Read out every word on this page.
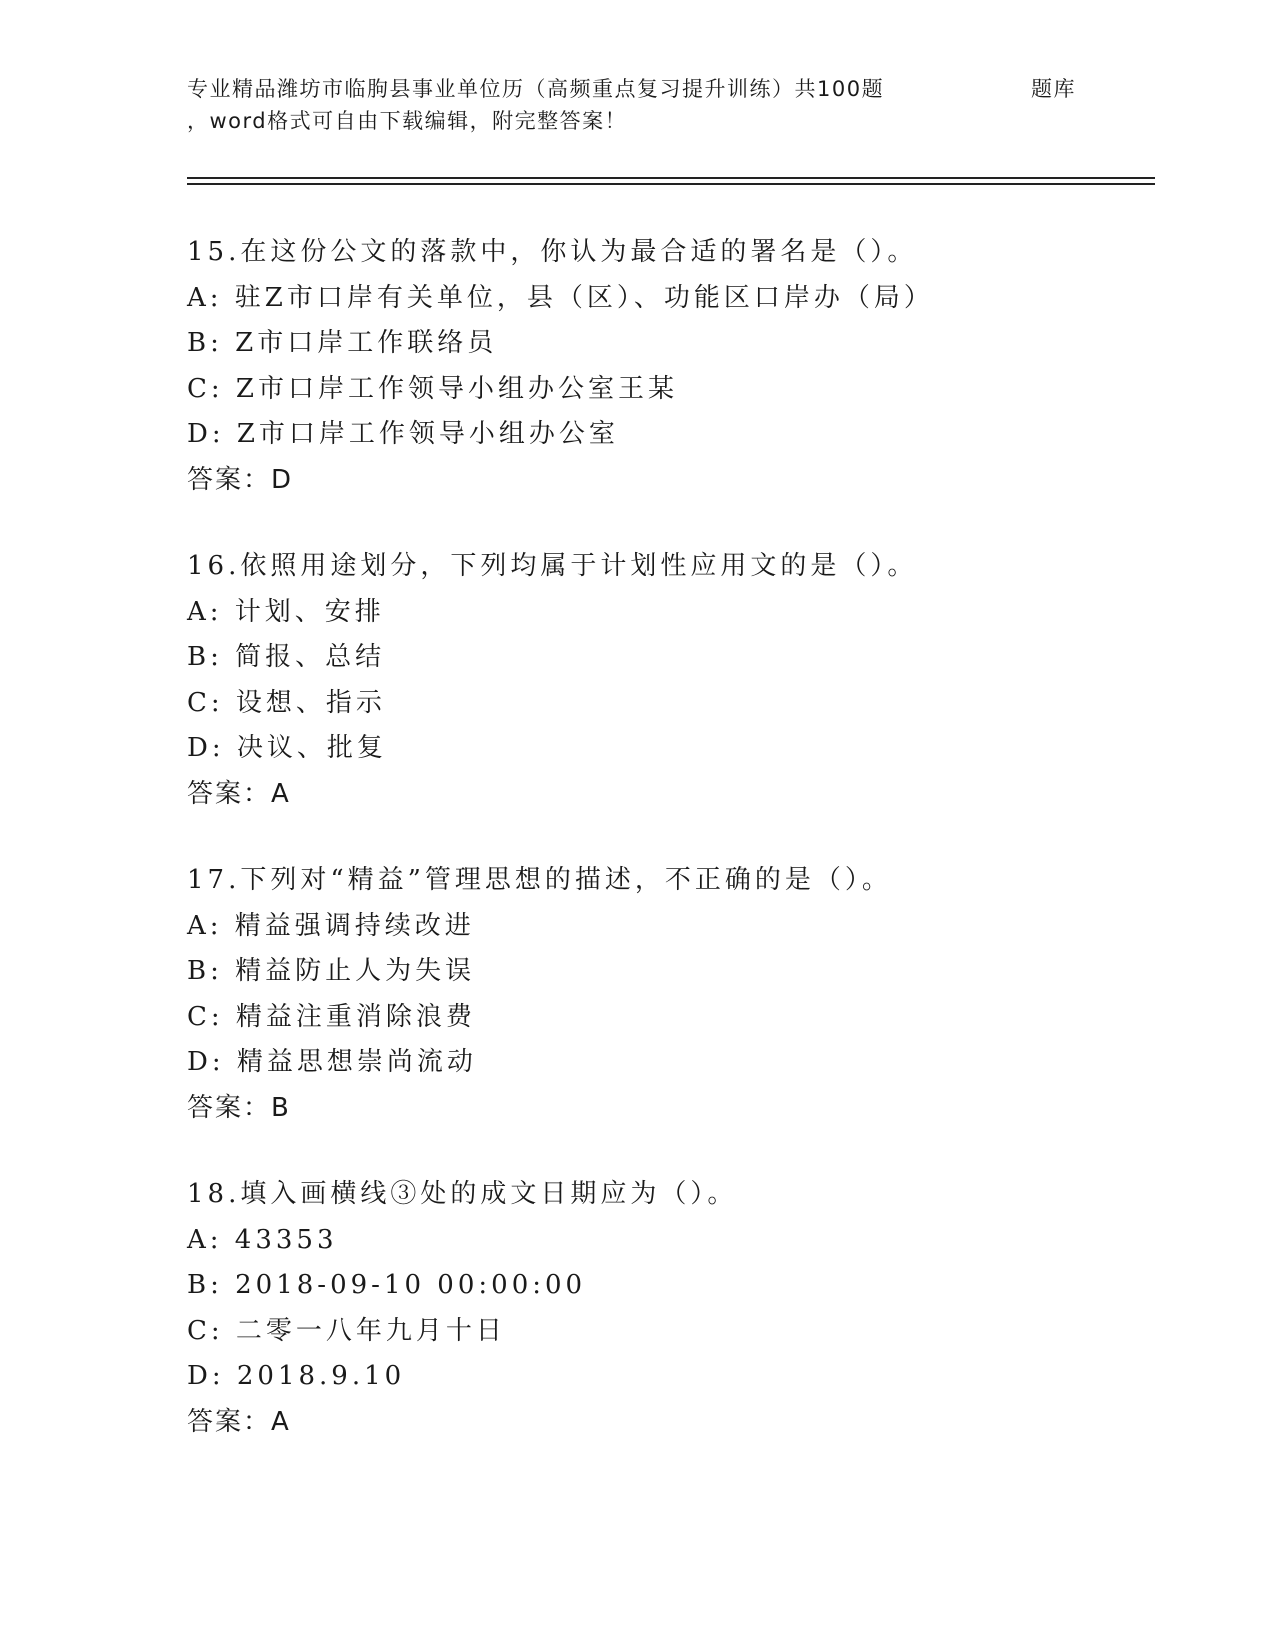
专业精品潍坊市临朐县事业单位历（高频重点复习提升训练）共100题	题库
，word格式可自由下载编辑，附完整答案！
15.在这份公文的落款中，你认为最合适的署名是（）。
A: 驻Z市口岸有关单位，县（区）、功能区口岸办（局）
B: Z市口岸工作联络员
C: Z市口岸工作领导小组办公室王某
D: Z市口岸工作领导小组办公室
答案：D
16.依照用途划分，下列均属于计划性应用文的是（）。
A: 计划、安排
B: 简报、总结
C: 设想、指示
D: 决议、批复
答案：A
17.下列对“精益”管理思想的描述，不正确的是（）。
A: 精益强调持续改进
B: 精益防止人为失误
C: 精益注重消除浪费
D: 精益思想崇尚流动
答案：B
18.填入画横线③处的成文日期应为（）。
A: 43353
B: 2018-09-10 00:00:00
C: 二零一八年九月十日
D: 2018.9.10
答案：A
